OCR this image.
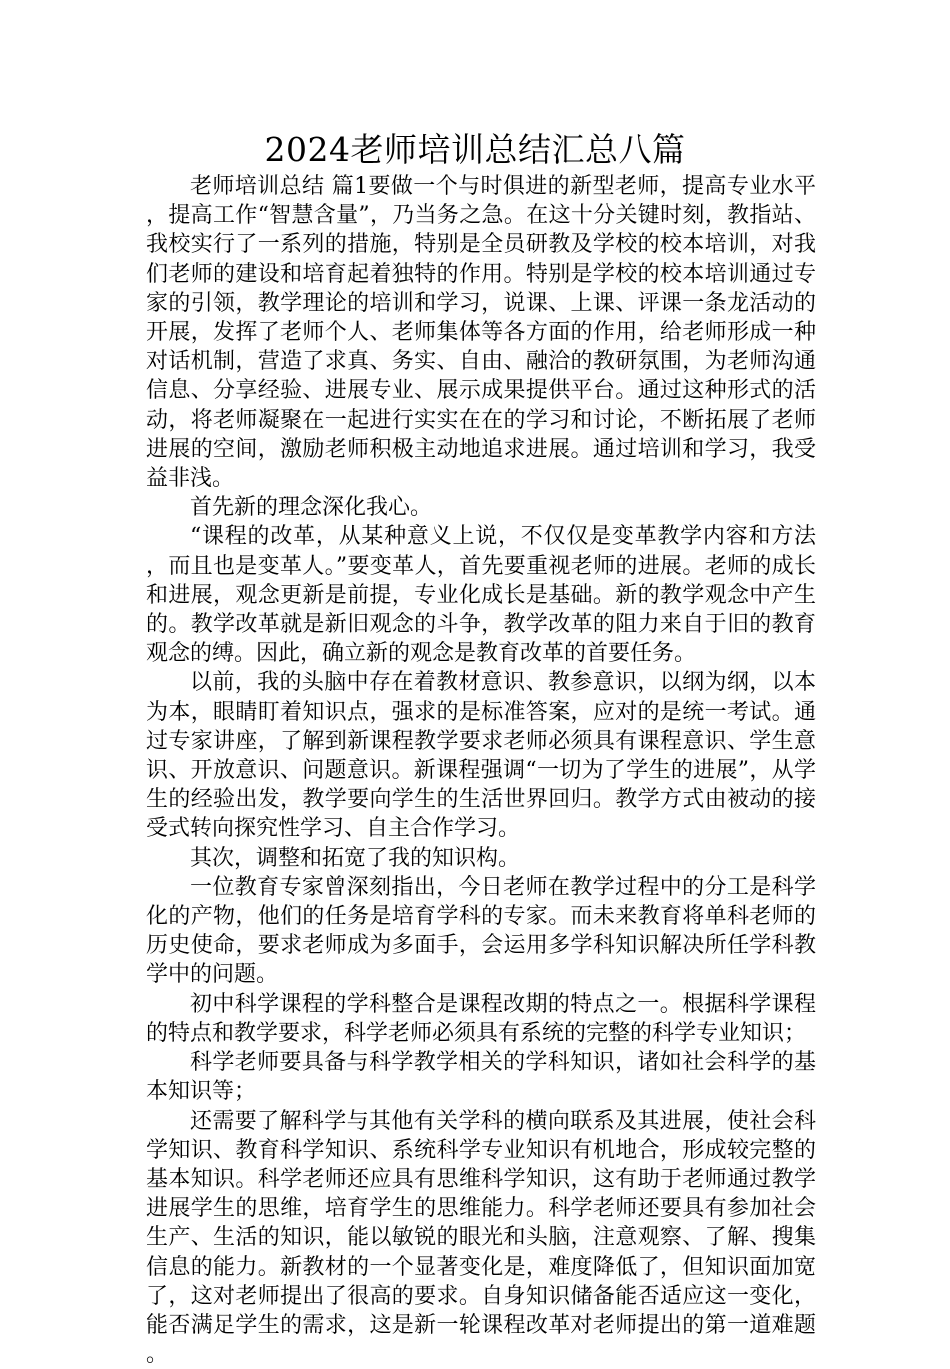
2024老师培训总结汇总八篇

老师培训总结 篇1要做一个与时俱进的新型老师，提高专业水平，提高工作“智慧含量”，乃当务之急。在这十分关键时刻，教指站、我校实行了一系列的措施，特别是全员研教及学校的校本培训，对我们老师的建设和培育起着独特的作用。特别是学校的校本培训通过专家的引领，教学理论的培训和学习，说课、上课、评课一条龙活动的开展，发挥了老师个人、老师集体等各方面的作用，给老师形成一种对话机制，营造了求真、务实、自由、融洽的教研氛围，为老师沟通信息、分享经验、进展专业、展示成果提供平台。通过这种形式的活动，将老师凝聚在一起进行实实在在的学习和讨论，不断拓展了老师进展的空间，激励老师积极主动地追求进展。通过培训和学习，我受益非浅。

首先新的理念深化我心。

“课程的改革，从某种意义上说，不仅仅是变革教学内容和方法，而且也是变革人。”要变革人，首先要重视老师的进展。老师的成长和进展，观念更新是前提，专业化成长是基础。新的教学观念中产生的。教学改革就是新旧观念的斗争，教学改革的阻力来自于旧的教育观念的缚。因此，确立新的观念是教育改革的首要任务。

以前，我的头脑中存在着教材意识、教参意识，以纲为纲，以本为本，眼睛盯着知识点，强求的是标准答案，应对的是统一考试。通过专家讲座，了解到新课程教学要求老师必须具有课程意识、学生意识、开放意识、问题意识。新课程强调“一切为了学生的进展”，从学生的经验出发，教学要向学生的生活世界回归。教学方式由被动的接受式转向探究性学习、自主合作学习。

其次，调整和拓宽了我的知识构。

一位教育专家曾深刻指出，今日老师在教学过程中的分工是科学化的产物，他们的任务是培育学科的专家。而未来教育将单科老师的历史使命，要求老师成为多面手，会运用多学科知识解决所任学科教学中的问题。

初中科学课程的学科整合是课程改期的特点之一。根据科学课程的特点和教学要求，科学老师必须具有系统的完整的科学专业知识；

科学老师要具备与科学教学相关的学科知识，诸如社会科学的基本知识等；

还需要了解科学与其他有关学科的横向联系及其进展，使社会科学知识、教育科学知识、系统科学专业知识有机地合，形成较完整的基本知识。科学老师还应具有思维科学知识，这有助于老师通过教学进展学生的思维，培育学生的思维能力。科学老师还要具有参加社会生产、生活的知识，能以敏锐的眼光和头脑，注意观察、了解、搜集信息的能力。新教材的一个显著变化是，难度降低了，但知识面加宽了，这对老师提出了很高的要求。自身知识储备能否适应这一变化，能否满足学生的需求，这是新一轮课程改革对老师提出的第一道难题。
